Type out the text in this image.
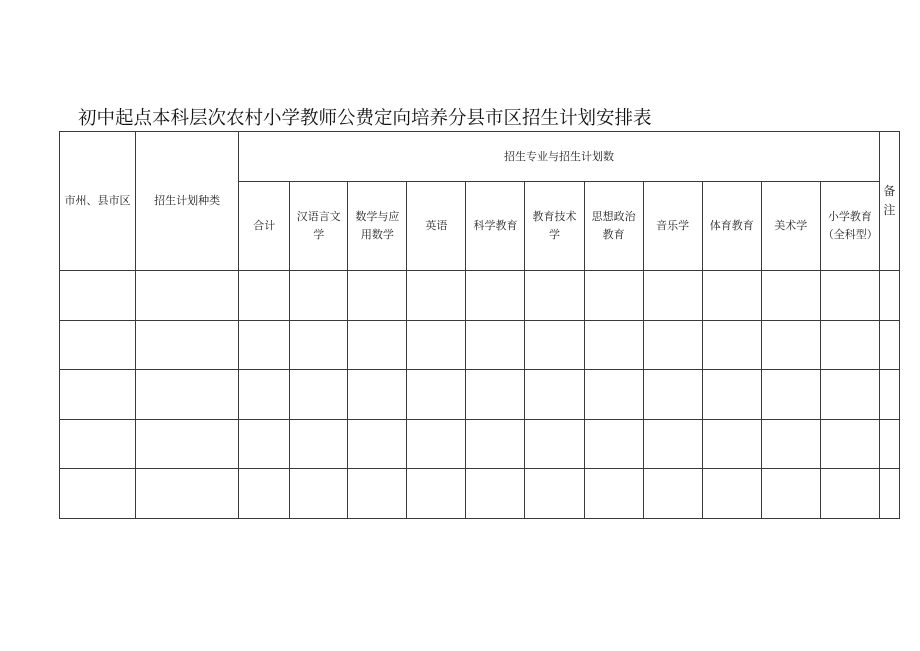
初中起点本科层次农村小学教师公费定向培养分县市区招生计划安排表
市州、县市区	招生计划种类	招生专业与招生计划数											备注
		合计	汉语言文学	数学与应用数学	英语	科学教育	教育技术学	思想政治教育	音乐学	体育教育	美术学	小学教育（全科型）	
